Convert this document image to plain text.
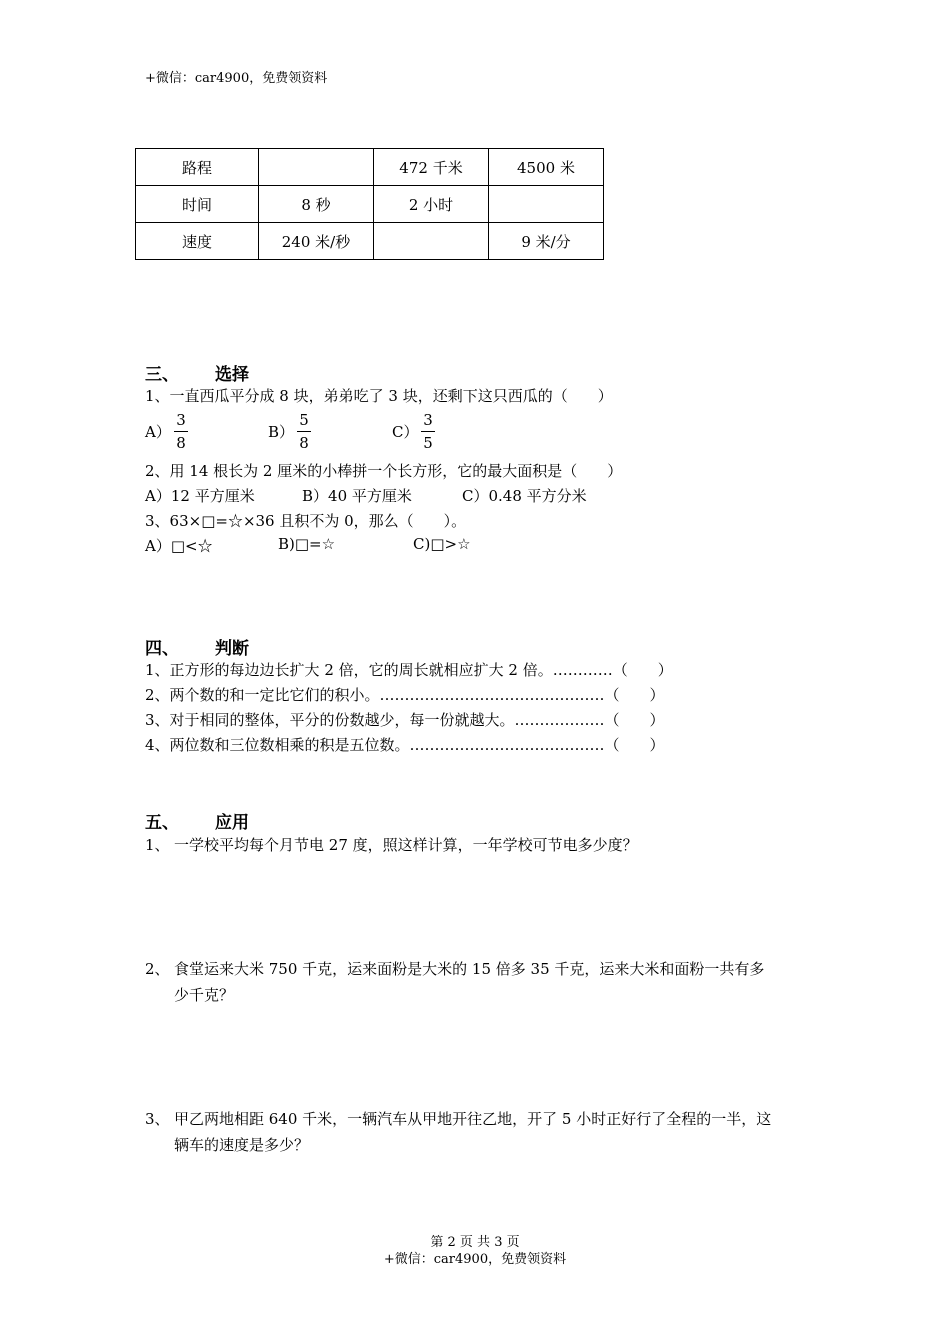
+微信：car4900，免费领资料
路程		472 千米	4500 米
时间	8 秒	2 小时	
速度	240 米/秒		9 米/分
三、 选择
1、一直西瓜平分成 8 块，弟弟吃了 3 块，还剩下这只西瓜的（　　）
A）
3
8
B）
5
8
C）
3
5
2、用 14 根长为 2 厘米的小棒拼一个长方形，它的最大面积是（　　）
A）12 平方厘米	B）40 平方厘米	C）0.48 平方分米
3、63×□=☆×36 且积不为 0，那么（　　）。
A）□<☆	B)□=☆	C)□>☆
四、 判断
1、正方形的每边边长扩大 2 倍，它的周长就相应扩大 2 倍。…………（　　）
2、两个数的和一定比它们的积小。………………………………………（　　）
3、对于相同的整体，平分的份数越少，每一份就越大。………………（　　）
4、两位数和三位数相乘的积是五位数。…………………………………（　　）
五、 应用
1、 一学校平均每个月节电 27 度，照这样计算，一年学校可节电多少度？
2、 食堂运来大米 750 千克，运来面粉是大米的 15 倍多 35 千克，运来大米和面粉一共有多
少千克？
3、 甲乙两地相距 640 千米，一辆汽车从甲地开往乙地，开了 5 小时正好行了全程的一半，这
辆车的速度是多少？
第 2 页 共 3 页
+微信：car4900，免费领资料
